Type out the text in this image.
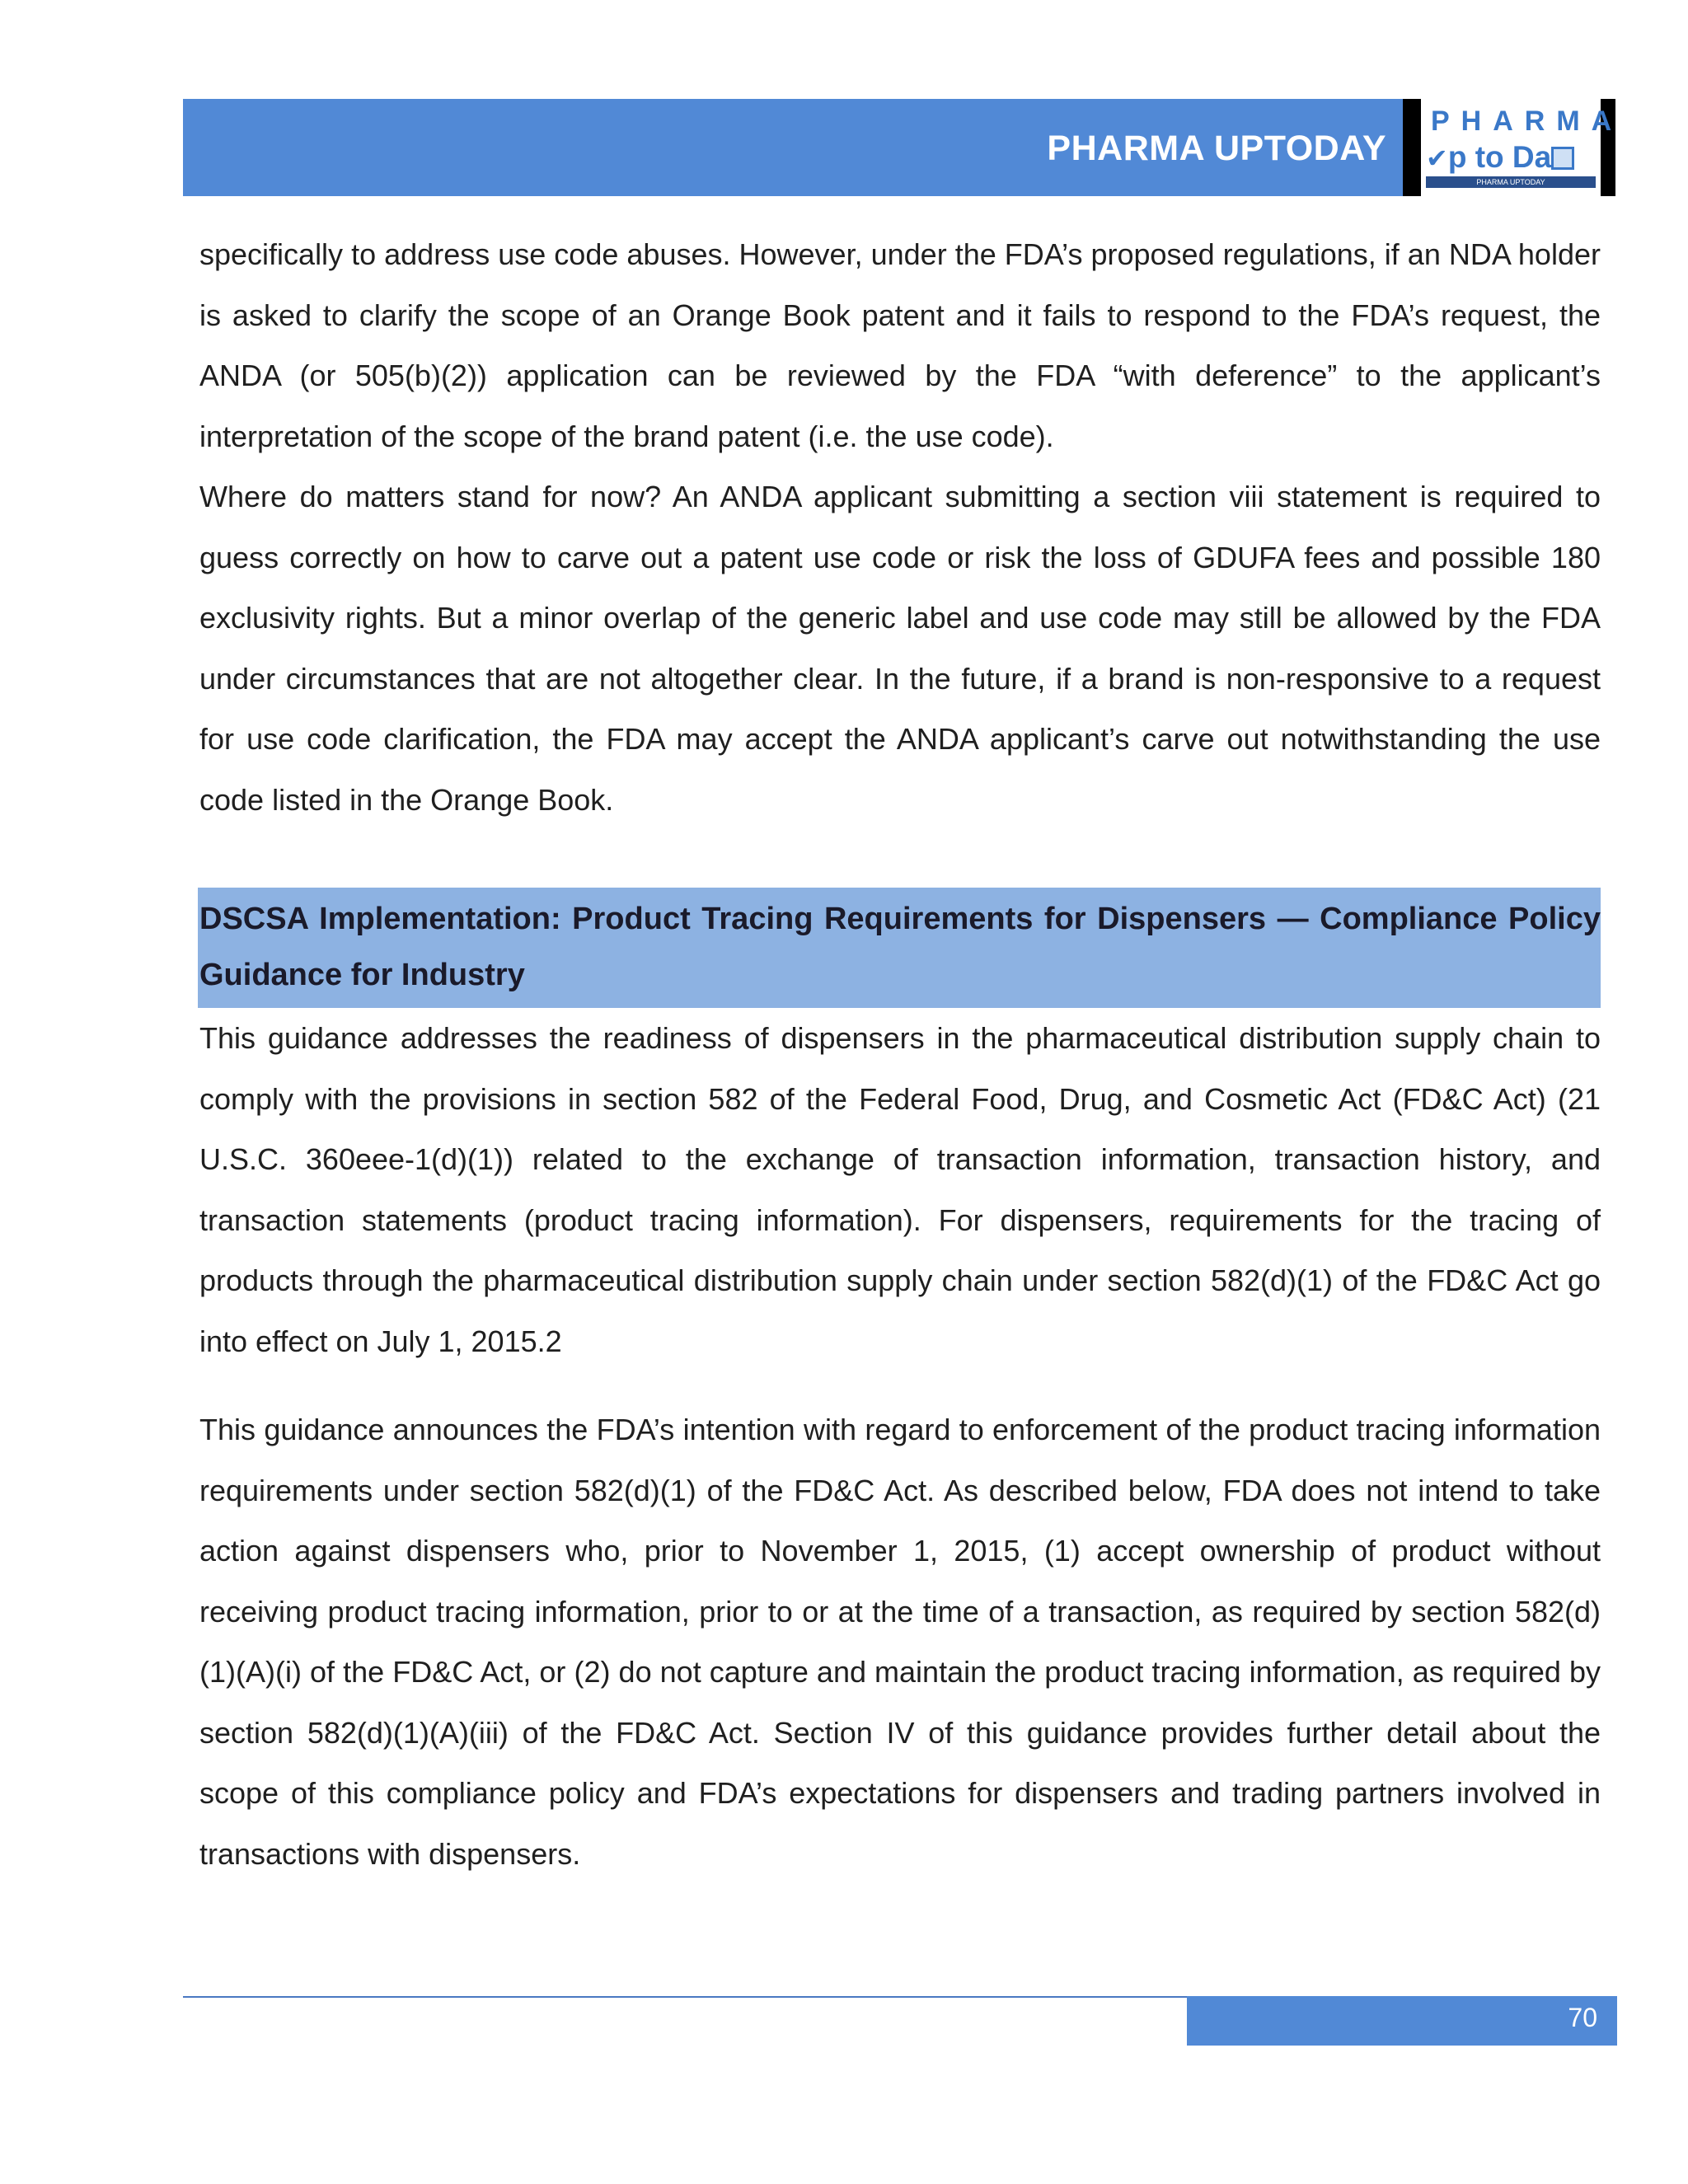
PHARMA UPTODAY
PHARMA
✔p to Da
PHARMA UPTODAY

specifically to address use code abuses. However, under the FDA’s proposed regulations, if an NDA holder is asked to clarify the scope of an Orange Book patent and it fails to respond to the FDA’s request, the ANDA (or 505(b)(2)) application can be reviewed by the FDA “with deference” to the applicant’s interpretation of the scope of the brand patent (i.e. the use code).

Where do matters stand for now? An ANDA applicant submitting a section viii statement is required to guess correctly on how to carve out a patent use code or risk the loss of GDUFA fees and possible 180 exclusivity rights. But a minor overlap of the generic label and use code may still be allowed by the FDA under circumstances that are not altogether clear. In the future, if a brand is non-responsive to a request for use code clarification, the FDA may accept the ANDA applicant’s carve out notwithstanding the use code listed in the Orange Book.

DSCSA Implementation: Product Tracing Requirements for Dispensers — Compliance Policy Guidance for Industry

This guidance addresses the readiness of dispensers in the pharmaceutical distribution supply chain to comply with the provisions in section 582 of the Federal Food, Drug, and Cosmetic Act (FD&C Act) (21 U.S.C. 360eee-1(d)(1)) related to the exchange of transaction information, transaction history, and transaction statements (product tracing information). For dispensers, requirements for the tracing of products through the pharmaceutical distribution supply chain under section 582(d)(1) of the FD&C Act go into effect on July 1, 2015.2

This guidance announces the FDA’s intention with regard to enforcement of the product tracing information requirements under section 582(d)(1) of the FD&C Act. As described below, FDA does not intend to take action against dispensers who, prior to November 1, 2015, (1) accept ownership of product without receiving product tracing information, prior to or at the time of a transaction, as required by section 582(d)(1)(A)(i) of the FD&C Act, or (2) do not capture and maintain the product tracing information, as required by section 582(d)(1)(A)(iii) of the FD&C Act. Section IV of this guidance provides further detail about the scope of this compliance policy and FDA’s expectations for dispensers and trading partners involved in transactions with dispensers.

70
